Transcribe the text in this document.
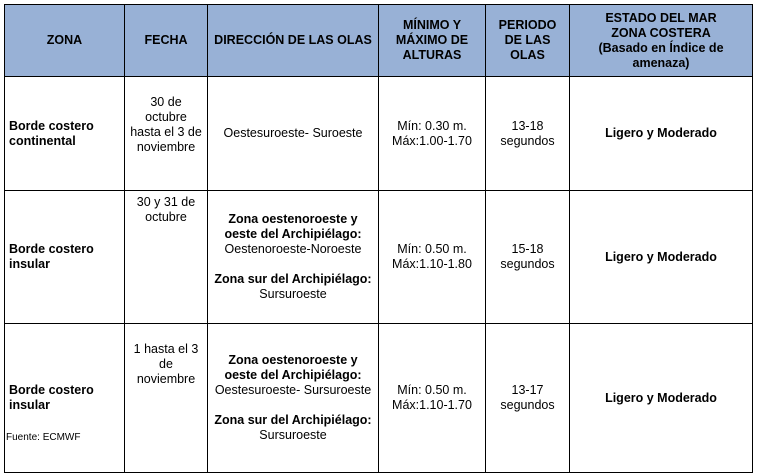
ZONA	FECHA	DIRECCIÓN DE LAS OLAS	MÍNIMO Y
MÁXIMO DE
ALTURAS	PERIODO
DE LAS
OLAS	ESTADO DEL MAR
ZONA COSTERA
(Basado en Índice de
amenaza)

Borde costero continental	30 de octubre hasta el 3 de noviembre	Oestesuroeste- Suroeste	Mín: 0.30 m.
Máx:1.00-1.70	13-18
segundos	Ligero y Moderado
Borde costero insular	30 y 31 de octubre	Zona oestenoroeste y oeste del Archipiélago:
Oestenoroeste-Noroeste
Zona sur del Archipiélago:
Sursuroeste	Mín: 0.50 m.
Máx:1.10-1.80	15-18
segundos	Ligero y Moderado
Borde costero insular	1 hasta el 3 de noviembre	Zona oestenoroeste y oeste del Archipiélago:
Oestesuroeste- Sursuroeste
Zona sur del Archipiélago:
Sursuroeste	Mín: 0.50 m.
Máx:1.10-1.70	13-17
segundos	Ligero y Moderado
Fuente: ECMWF
